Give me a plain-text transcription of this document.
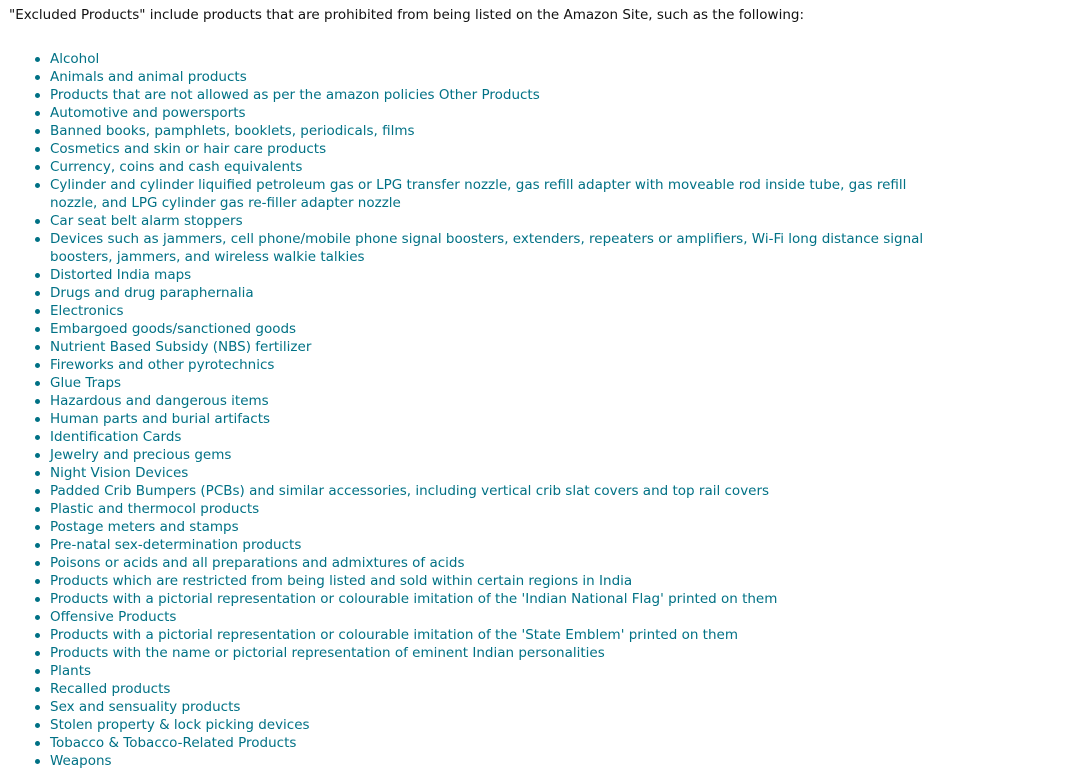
"Excluded Products" include products that are prohibited from being listed on the Amazon Site, such as the following:

Alcohol
Animals and animal products
Products that are not allowed as per the amazon policies Other Products
Automotive and powersports
Banned books, pamphlets, booklets, periodicals, films
Cosmetics and skin or hair care products
Currency, coins and cash equivalents
Cylinder and cylinder liquified petroleum gas or LPG transfer nozzle, gas refill adapter with moveable rod inside tube, gas refill nozzle, and LPG cylinder gas re-filler adapter nozzle
Car seat belt alarm stoppers
Devices such as jammers, cell phone/mobile phone signal boosters, extenders, repeaters or amplifiers, Wi-Fi long distance signal boosters, jammers, and wireless walkie talkies
Distorted India maps
Drugs and drug paraphernalia
Electronics
Embargoed goods/sanctioned goods
Nutrient Based Subsidy (NBS) fertilizer
Fireworks and other pyrotechnics
Glue Traps
Hazardous and dangerous items
Human parts and burial artifacts
Identification Cards
Jewelry and precious gems
Night Vision Devices
Padded Crib Bumpers (PCBs) and similar accessories, including vertical crib slat covers and top rail covers
Plastic and thermocol products
Postage meters and stamps
Pre-natal sex-determination products
Poisons or acids and all preparations and admixtures of acids
Products which are restricted from being listed and sold within certain regions in India
Products with a pictorial representation or colourable imitation of the 'Indian National Flag' printed on them
Offensive Products
Products with a pictorial representation or colourable imitation of the 'State Emblem' printed on them
Products with the name or pictorial representation of eminent Indian personalities
Plants
Recalled products
Sex and sensuality products
Stolen property & lock picking devices
Tobacco & Tobacco-Related Products
Weapons
